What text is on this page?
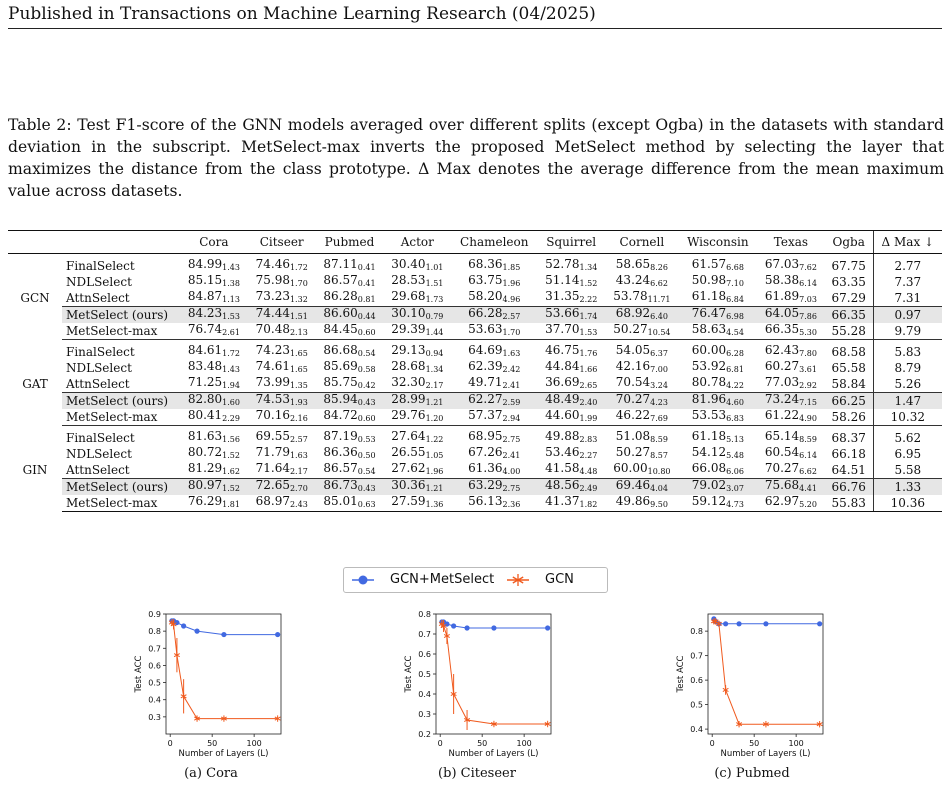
Published in Transactions on Machine Learning Research (04/2025)
Table 2: Test F1-score of the GNN models averaged over different splits (except Ogba) in the datasets with standard deviation in the subscript. MetSelect-max inverts the proposed MetSelect method by selecting the layer that maximizes the distance from the class prototype. Δ Max denotes the average difference from the mean maximum value across datasets.
		Cora	Citseer	Pubmed	Actor	Chameleon	Squirrel	Cornell	Wisconsin	Texas	Ogba	Δ Max ↓
GCN	FinalSelect	$84.99_{1.43}$	$74.46_{1.72}$	$87.11_{0.41}$	$30.40_{1.01}$	$68.36_{1.85}$	$52.78_{1.34}$	$58.65_{8.26}$	$61.57_{6.68}$	$67.03_{7.62}$	67.75	2.77
	NDLSelect	$85.15_{1.38}$	$75.98_{1.70}$	$86.57_{0.41}$	$28.53_{1.51}$	$63.75_{1.96}$	$51.14_{1.52}$	$43.24_{6.62}$	$50.98_{7.10}$	$58.38_{6.14}$	63.35	7.37
	AttnSelect	$84.87_{1.13}$	$73.23_{1.32}$	$86.28_{0.81}$	$29.68_{1.73}$	$58.20_{4.96}$	$31.35_{2.22}$	$53.78_{11.71}$	$61.18_{6.84}$	$61.89_{7.03}$	67.29	7.31
	MetSelect (ours)	$84.23_{1.53}$	$74.44_{1.51}$	$86.60_{0.44}$	$30.10_{0.79}$	$66.28_{2.57}$	$53.66_{1.74}$	$68.92_{6.40}$	$76.47_{6.98}$	$64.05_{7.86}$	66.35	0.97
	MetSelect-max	$76.74_{2.61}$	$70.48_{2.13}$	$84.45_{0.60}$	$29.39_{1.44}$	$53.63_{1.70}$	$37.70_{1.53}$	$50.27_{10.54}$	$58.63_{4.54}$	$66.35_{5.30}$	55.28	9.79
GAT	FinalSelect	$84.61_{1.72}$	$74.23_{1.65}$	$86.68_{0.54}$	$29.13_{0.94}$	$64.69_{1.63}$	$46.75_{1.76}$	$54.05_{6.37}$	$60.00_{6.28}$	$62.43_{7.80}$	68.58	5.83
	NDLSelect	$83.48_{1.43}$	$74.61_{1.65}$	$85.69_{0.58}$	$28.68_{1.34}$	$62.39_{2.42}$	$44.84_{1.66}$	$42.16_{7.00}$	$53.92_{6.81}$	$60.27_{3.61}$	65.58	8.79
	AttnSelect	$71.25_{1.94}$	$73.99_{1.35}$	$85.75_{0.42}$	$32.30_{2.17}$	$49.71_{2.41}$	$36.69_{2.65}$	$70.54_{3.24}$	$80.78_{4.22}$	$77.03_{2.92}$	58.84	5.26
	MetSelect (ours)	$82.80_{1.60}$	$74.53_{1.93}$	$85.94_{0.43}$	$28.99_{1.21}$	$62.27_{2.59}$	$48.49_{2.40}$	$70.27_{4.23}$	$81.96_{4.60}$	$73.24_{7.15}$	66.25	1.47
	MetSelect-max	$80.41_{2.29}$	$70.16_{2.16}$	$84.72_{0.60}$	$29.76_{1.20}$	$57.37_{2.94}$	$44.60_{1.99}$	$46.22_{7.69}$	$53.53_{6.83}$	$61.22_{4.90}$	58.26	10.32
GIN	FinalSelect	$81.63_{1.56}$	$69.55_{2.57}$	$87.19_{0.53}$	$27.64_{1.22}$	$68.95_{2.75}$	$49.88_{2.83}$	$51.08_{8.59}$	$61.18_{5.13}$	$65.14_{8.59}$	68.37	5.62
	NDLSelect	$80.72_{1.52}$	$71.79_{1.63}$	$86.36_{0.50}$	$26.55_{1.05}$	$67.26_{2.41}$	$53.46_{2.27}$	$50.27_{8.57}$	$54.12_{5.48}$	$60.54_{6.14}$	66.18	6.95
	AttnSelect	$81.29_{1.62}$	$71.64_{2.17}$	$86.57_{0.54}$	$27.62_{1.96}$	$61.36_{4.00}$	$41.58_{4.48}$	$60.00_{10.80}$	$66.08_{6.06}$	$70.27_{6.62}$	64.51	5.58
	MetSelect (ours)	$80.97_{1.52}$	$72.65_{2.70}$	$86.73_{0.43}$	$30.36_{1.21}$	$63.29_{2.75}$	$48.56_{2.49}$	$69.46_{4.04}$	$79.02_{3.07}$	$75.68_{4.41}$	66.76	1.33
	MetSelect-max	$76.29_{1.81}$	$68.97_{2.43}$	$85.01_{0.63}$	$27.59_{1.36}$	$56.13_{2.36}$	$41.37_{1.82}$	$49.86_{9.50}$	$59.12_{4.73}$	$62.97_{5.20}$	55.83	10.36
GCN+MetSelect	GCN
0.3
0.4
0.5
0.6
0.7
0.8
0.9
0	50	100
Number of Layers (L)
Test ACC
0.2
0.3
0.4
0.5
0.6
0.7
0.8
0	50	100
Number of Layers (L)
Test ACC
0.4
0.5
0.6
0.7
0.8
0	50	100
Number of Layers (L)
Test ACC
(a) Cora	(b) Citeseer	(c) Pubmed
